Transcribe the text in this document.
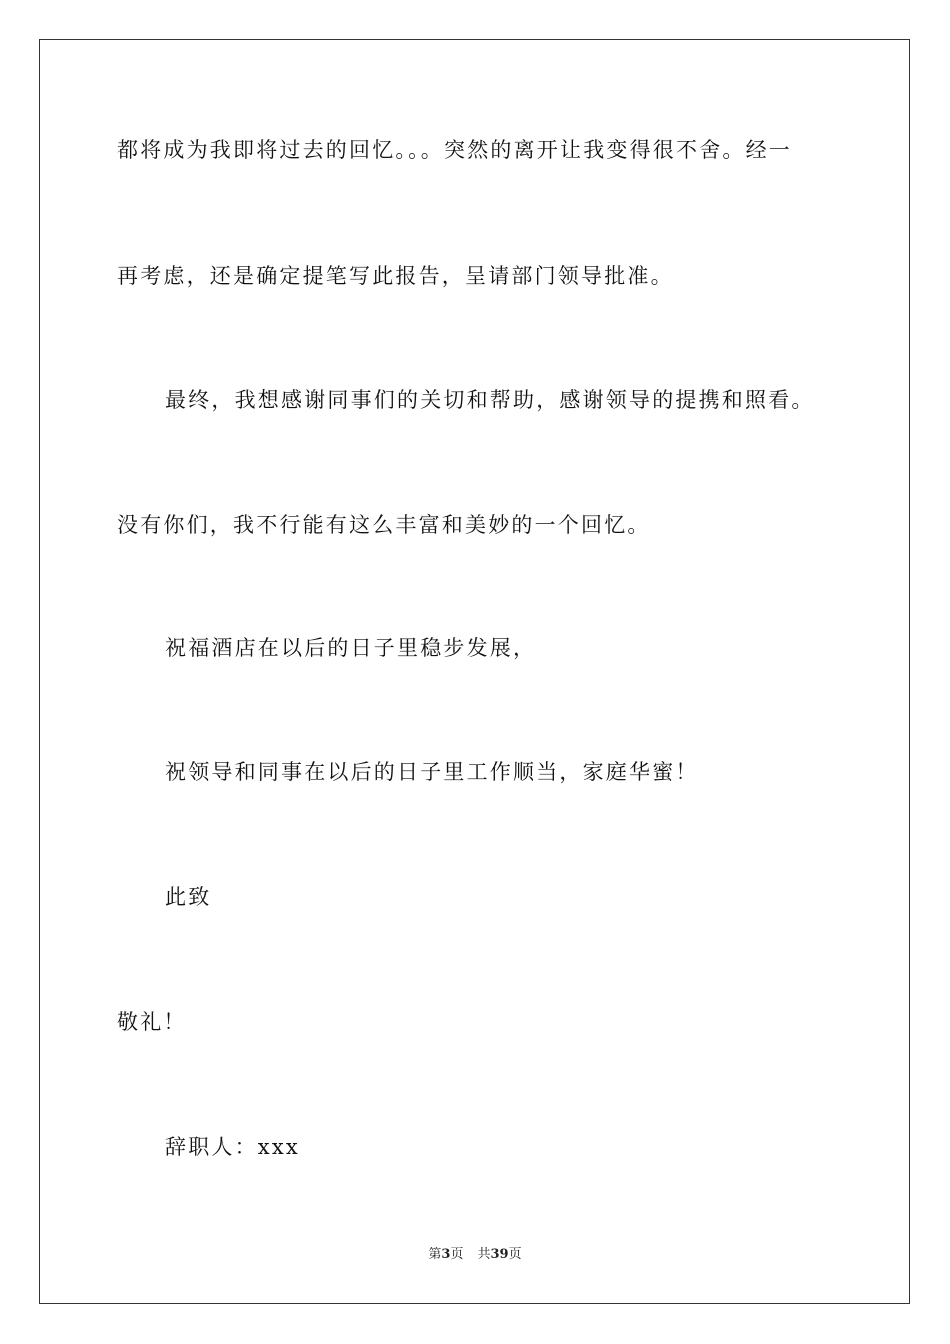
都将成为我即将过去的回忆。。。突然的离开让我变得很不舍。经一
再考虑，还是确定提笔写此报告，呈请部门领导批准。
最终，我想感谢同事们的关切和帮助，感谢领导的提携和照看。
没有你们，我不行能有这么丰富和美妙的一个回忆。
祝福酒店在以后的日子里稳步发展，
祝领导和同事在以后的日子里工作顺当，家庭华蜜！
此致
敬礼！
辞职人：xxx
第3页 共39页
